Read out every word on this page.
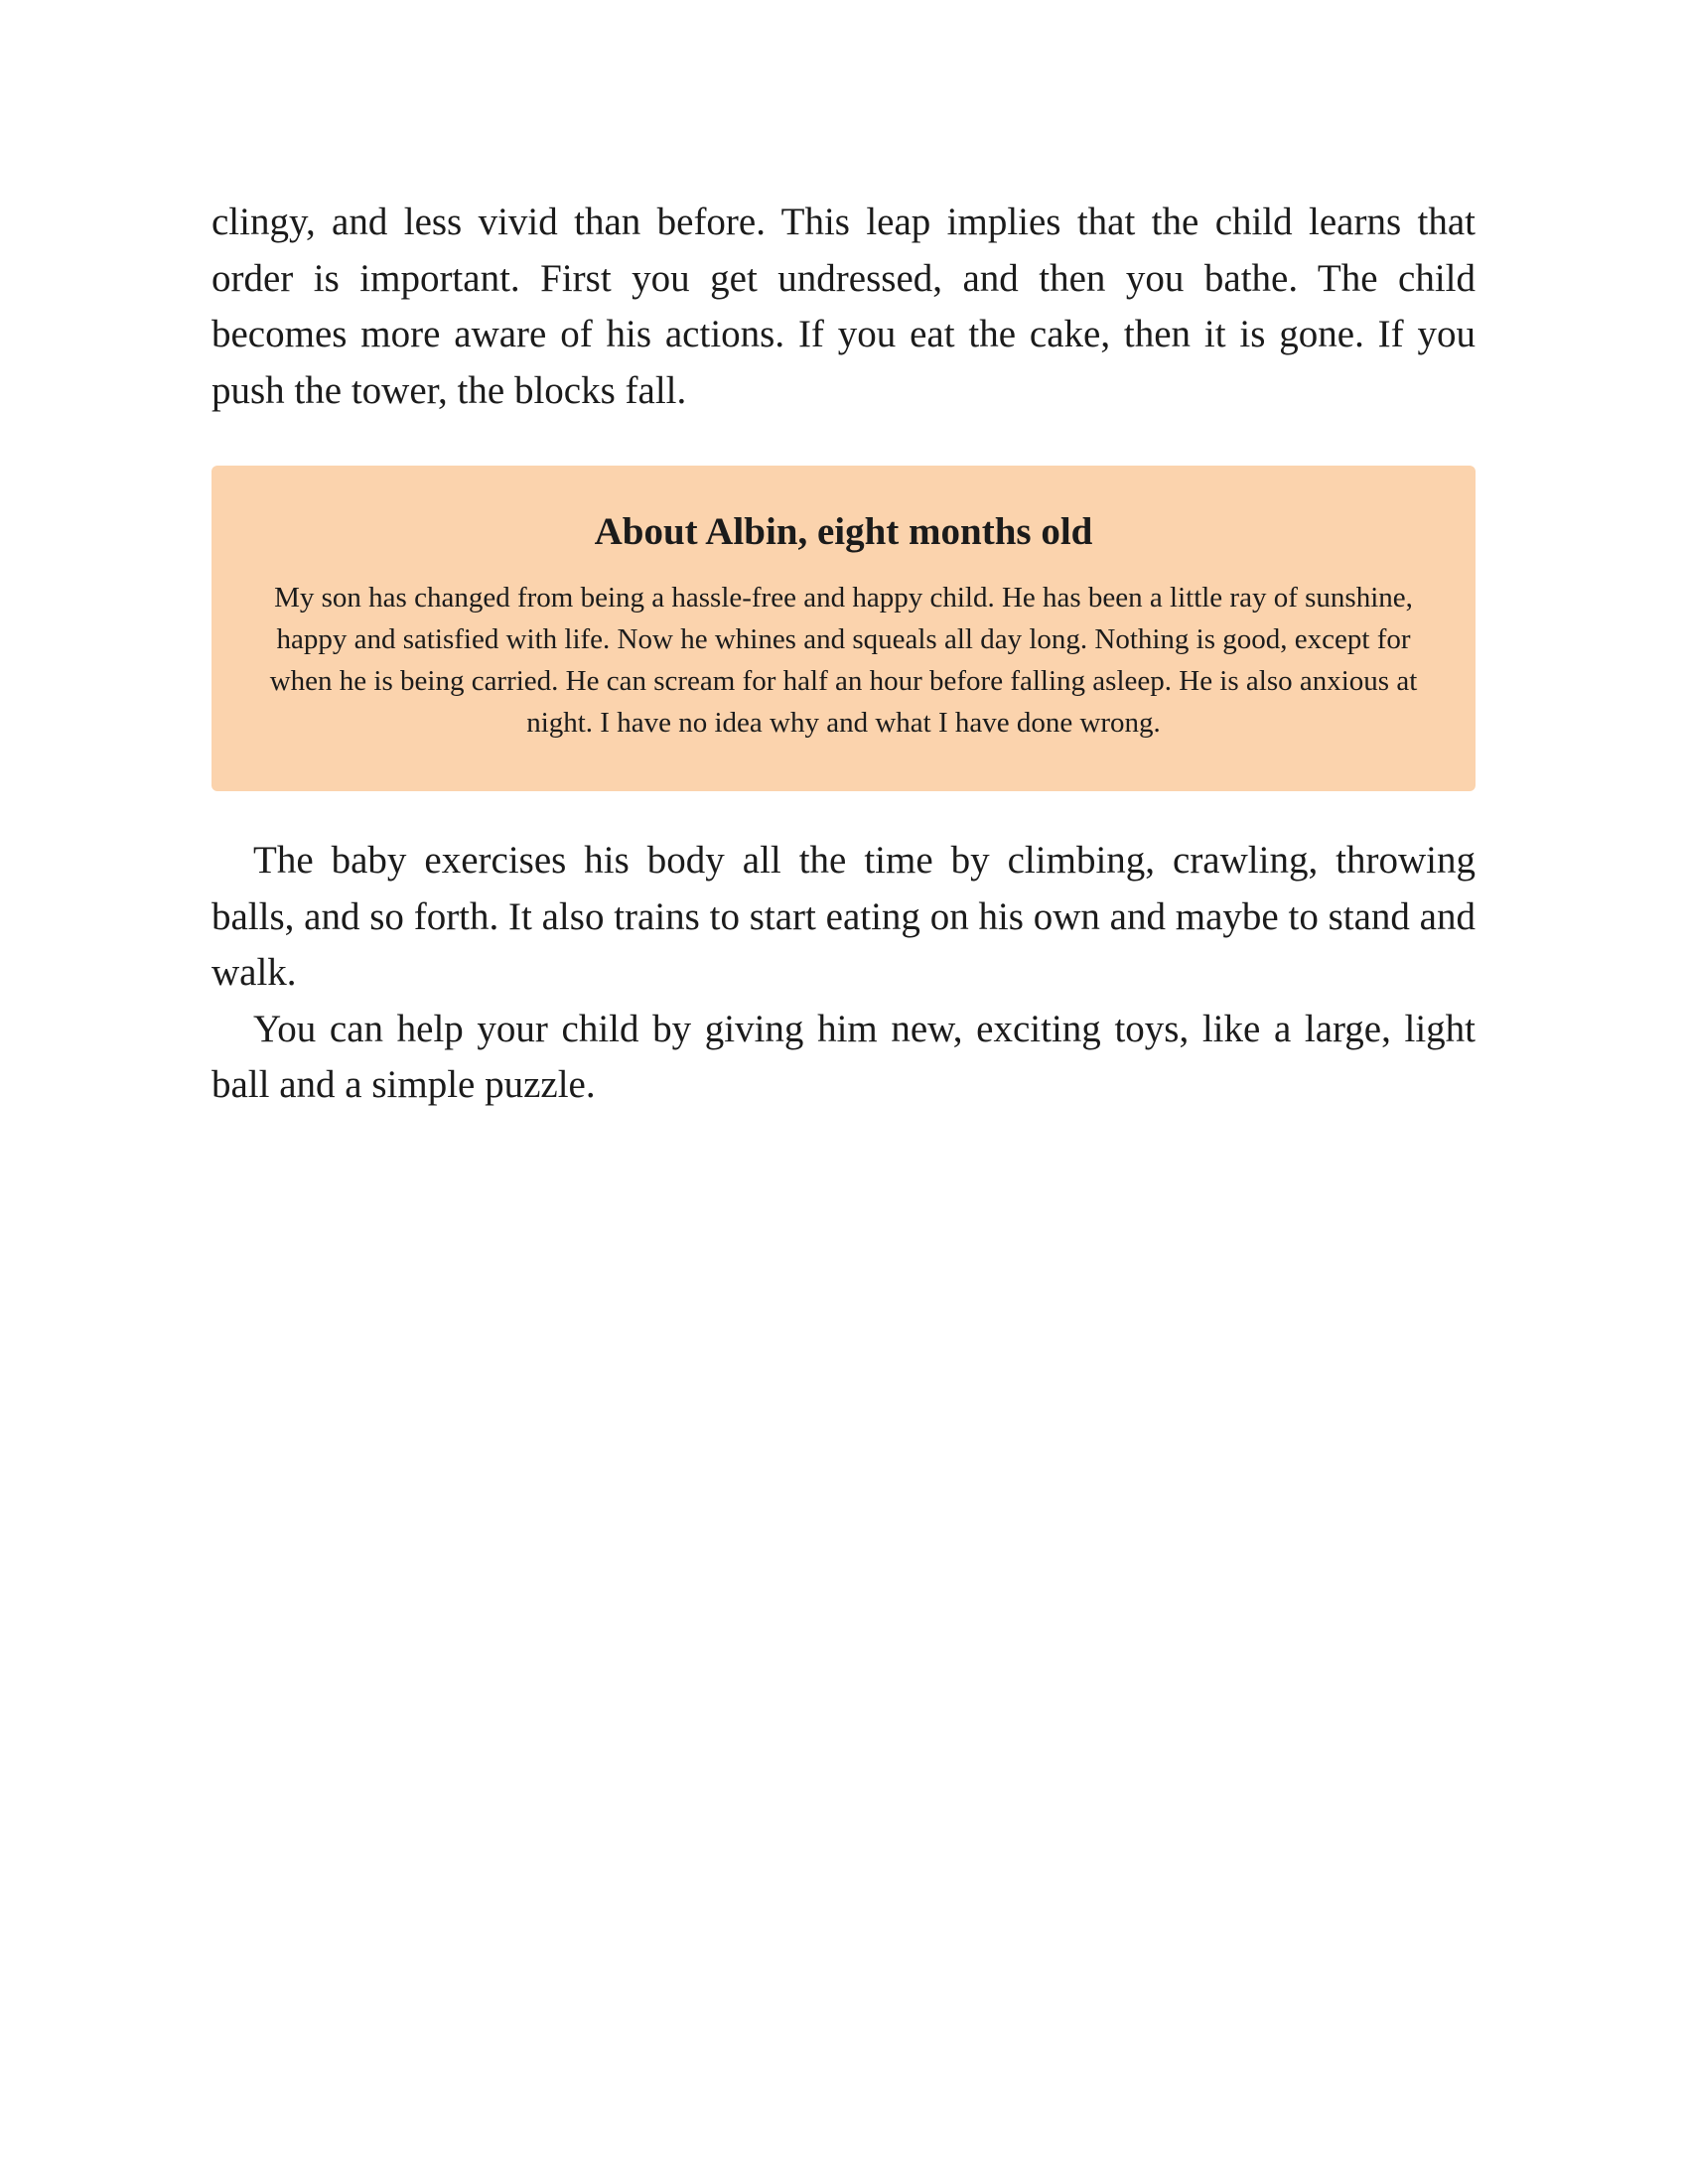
clingy, and less vivid than before. This leap implies that the child learns that order is important. First you get undressed, and then you bathe. The child becomes more aware of his actions. If you eat the cake, then it is gone. If you push the tower, the blocks fall.

About Albin, eight months old

My son has changed from being a hassle-free and happy child. He has been a little ray of sunshine, happy and satisfied with life. Now he whines and squeals all day long. Nothing is good, except for when he is being carried. He can scream for half an hour before falling asleep. He is also anxious at night. I have no idea why and what I have done wrong.

The baby exercises his body all the time by climbing, crawling, throwing balls, and so forth. It also trains to start eating on his own and maybe to stand and walk.

You can help your child by giving him new, exciting toys, like a large, light ball and a simple puzzle.
